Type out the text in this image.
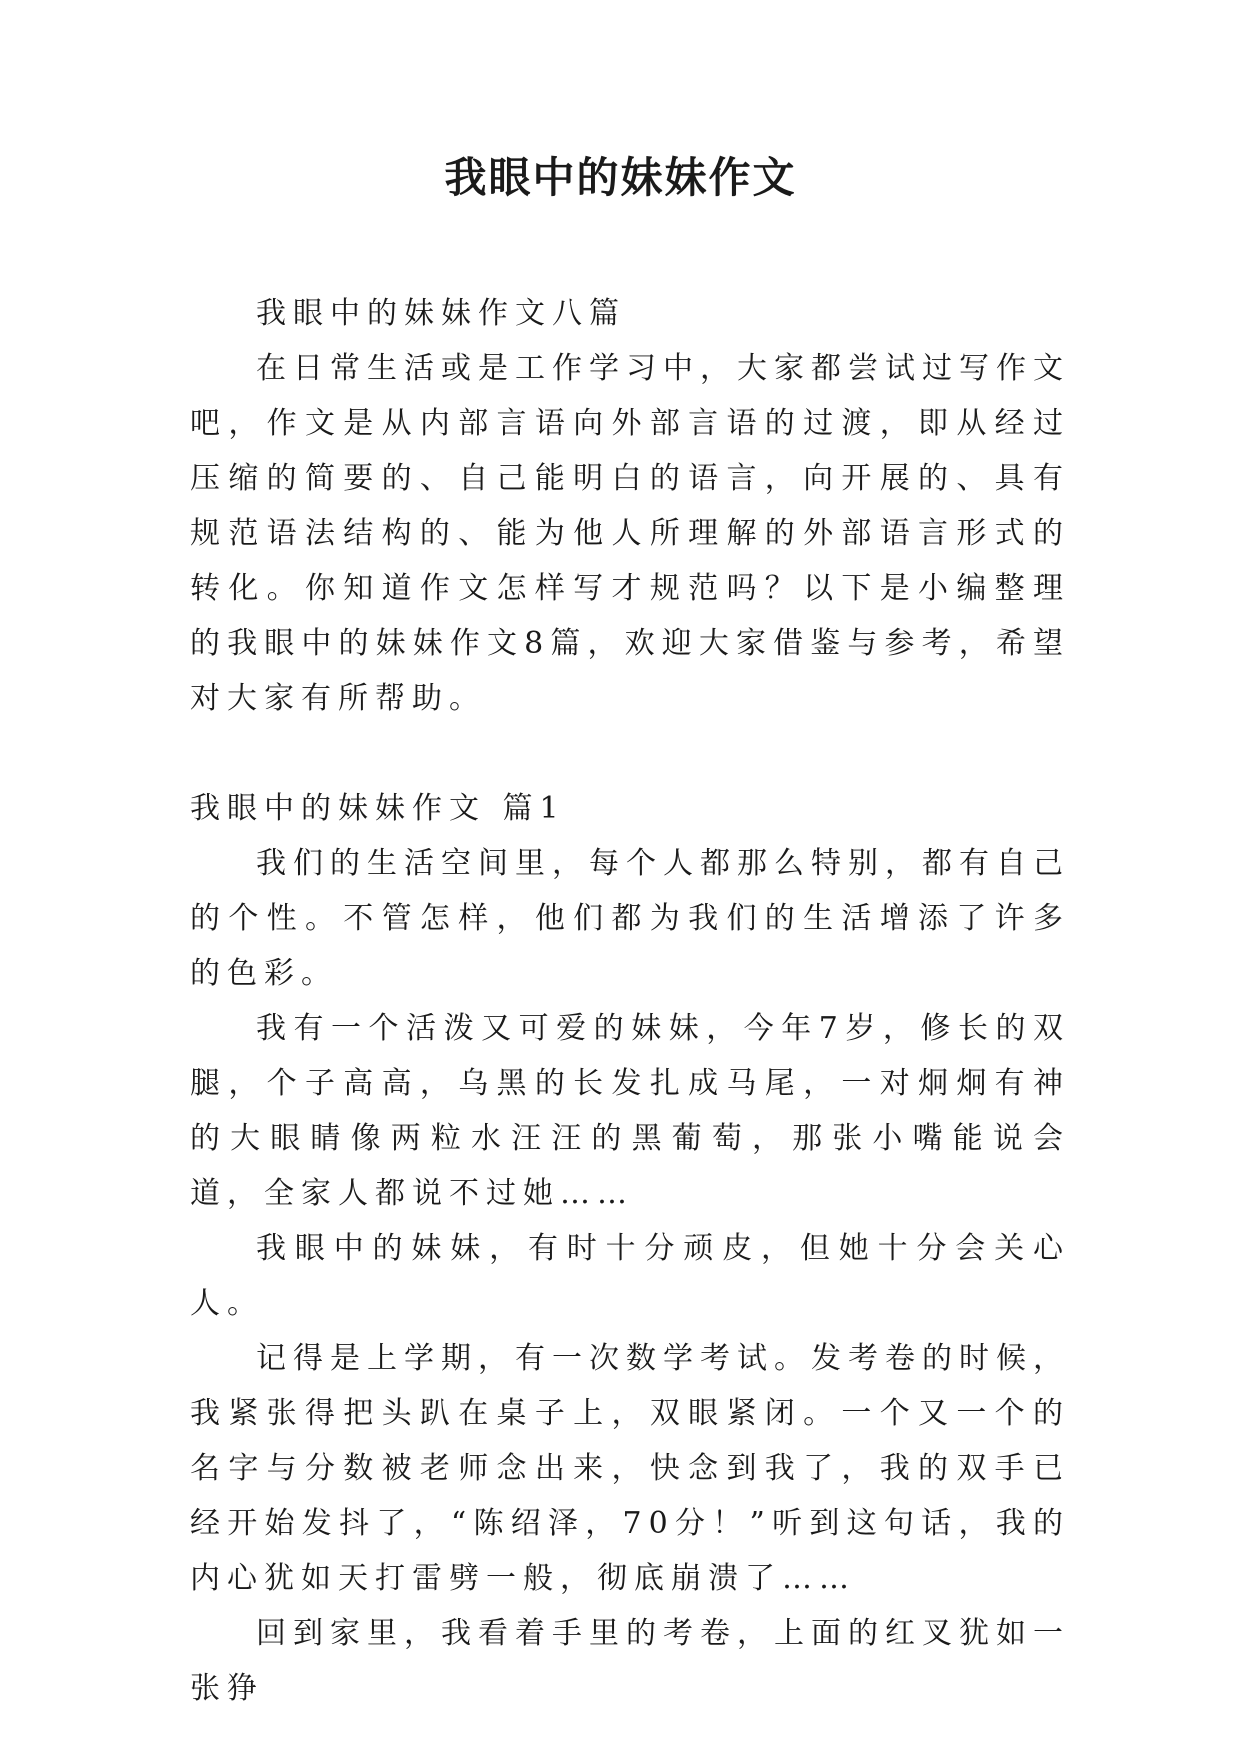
我眼中的妹妹作文
我眼中的妹妹作文八篇

在日常生活或是工作学习中，大家都尝试过写作文吧，作文是从内部言语向外部言语的过渡，即从经过压缩的简要的、自己能明白的语言，向开展的、具有规范语法结构的、能为他人所理解的外部语言形式的转化。你知道作文怎样写才规范吗？以下是小编整理的我眼中的妹妹作文8篇，欢迎大家借鉴与参考，希望对大家有所帮助。

我眼中的妹妹作文 篇1

我们的生活空间里，每个人都那么特别，都有自己的个性。不管怎样，他们都为我们的生活增添了许多的色彩。

我有一个活泼又可爱的妹妹，今年7岁，修长的双腿，个子高高，乌黑的长发扎成马尾，一对炯炯有神的大眼睛像两粒水汪汪的黑葡萄，那张小嘴能说会道，全家人都说不过她……

我眼中的妹妹，有时十分顽皮，但她十分会关心人。

记得是上学期，有一次数学考试。发考卷的时候，我紧张得把头趴在桌子上，双眼紧闭。一个又一个的名字与分数被老师念出来，快念到我了，我的双手已经开始发抖了，“陈绍泽，70分！”听到这句话，我的内心犹如天打雷劈一般，彻底崩溃了……

回到家里，我看着手里的考卷，上面的红叉犹如一张狰
